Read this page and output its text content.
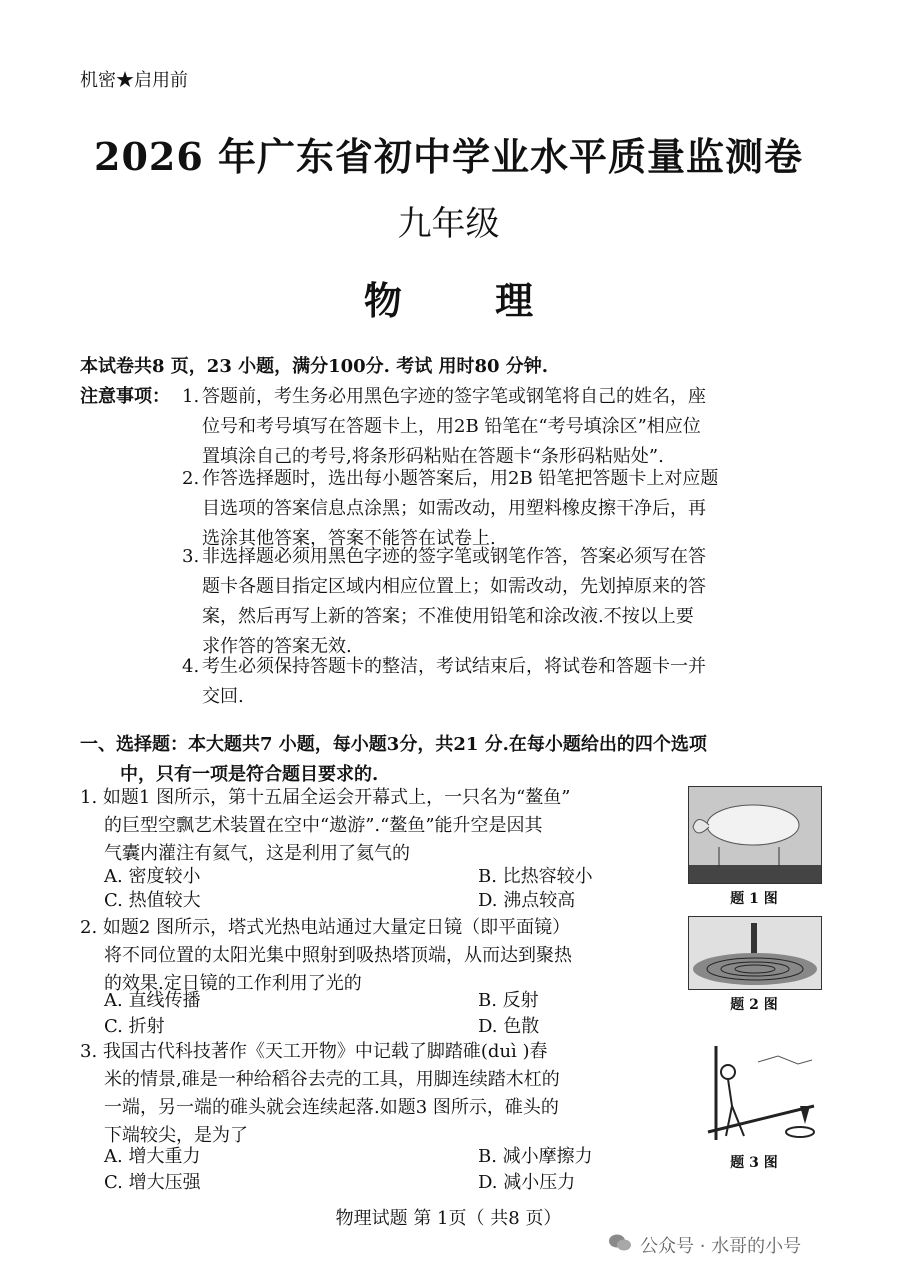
机密★启用前
2026 年广东省初中学业水平质量监测卷
九年级
物 理
本试卷共8 页，23 小题，满分100分. 考试 用时80 分钟.
注意事项： 1. 答题前，考生务必用黑色字迹的签字笔或钢笔将自己的姓名，座
位号和考号填写在答题卡上，用2B 铅笔在“考号填涂区”相应位
置填涂自己的考号,将条形码粘贴在答题卡“条形码粘贴处”.
2. 作答选择题时，选出每小题答案后，用2B 铅笔把答题卡上对应题
目选项的答案信息点涂黑；如需改动，用塑料橡皮擦干净后，再
选涂其他答案，答案不能答在试卷上.
3. 非选择题必须用黑色字迹的签字笔或钢笔作答，答案必须写在答
题卡各题目指定区域内相应位置上；如需改动，先划掉原来的答
案，然后再写上新的答案；不准使用铅笔和涂改液.不按以上要
求作答的答案无效.
4. 考生必须保持答题卡的整洁，考试结束后，将试卷和答题卡一并
交回.
一、选择题：本大题共7 小题，每小题3分，共21 分.在每小题给出的四个选项
中，只有一项是符合题目要求的.
1. 如题1 图所示，第十五届全运会开幕式上，一只名为“鳌鱼”
的巨型空飘艺术装置在空中“遨游”.“鳌鱼”能升空是因其
气囊内灌注有氦气，这是利用了氦气的
A. 密度较小	B. 比热容较小
C. 热值较大	D. 沸点较高	题 1 图
2. 如题2 图所示，塔式光热电站通过大量定日镜（即平面镜）
将不同位置的太阳光集中照射到吸热塔顶端，从而达到聚热
的效果.定日镜的工作利用了光的
A. 直线传播	B. 反射
C. 折射	D. 色散
题 2 图
3. 我国古代科技著作《天工开物》中记载了脚踏碓(duì )舂
米的情景,碓是一种给稻谷去壳的工具，用脚连续踏木杠的
一端，另一端的碓头就会连续起落.如题3 图所示，碓头的
下端较尖，是为了
A. 增大重力	B. 减小摩擦力
C. 增大压强	D. 减小压力
题 3 图
物理试题 第 1页（ 共8 页）
公众号 · 水哥的小号
